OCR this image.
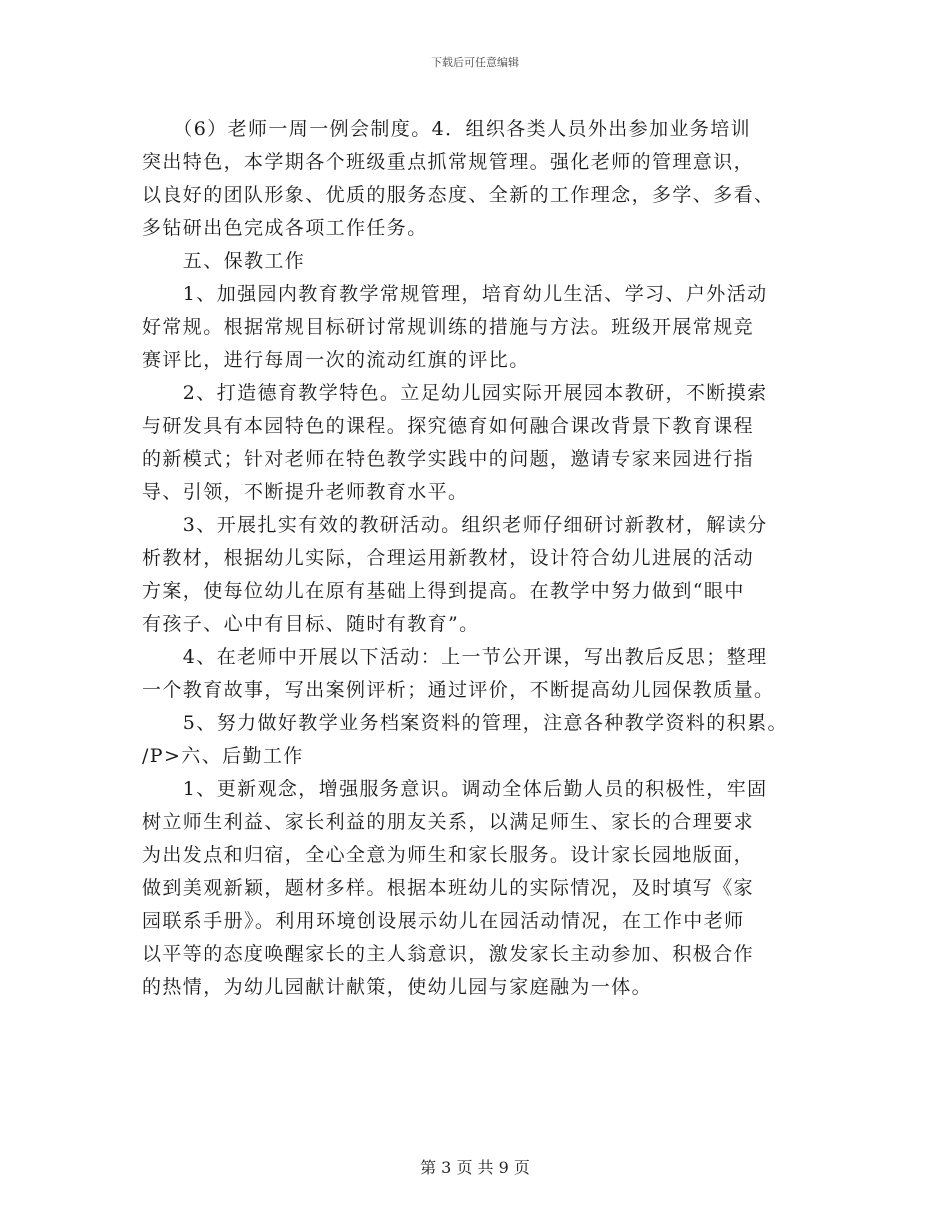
下载后可任意编辑
　　（6）老师一周一例会制度。4．组织各类人员外出参加业务培训
突出特色，本学期各个班级重点抓常规管理。强化老师的管理意识，
以良好的团队形象、优质的服务态度、全新的工作理念，多学、多看、
多钻研出色完成各项工作任务。
　　五、保教工作
　　1、加强园内教育教学常规管理，培育幼儿生活、学习、户外活动
好常规。根据常规目标研讨常规训练的措施与方法。班级开展常规竞
赛评比，进行每周一次的流动红旗的评比。
　　2、打造德育教学特色。立足幼儿园实际开展园本教研，不断摸索
与研发具有本园特色的课程。探究德育如何融合课改背景下教育课程
的新模式；针对老师在特色教学实践中的问题，邀请专家来园进行指
导、引领，不断提升老师教育水平。
　　3、开展扎实有效的教研活动。组织老师仔细研讨新教材，解读分
析教材，根据幼儿实际，合理运用新教材，设计符合幼儿进展的活动
方案，使每位幼儿在原有基础上得到提高。在教学中努力做到“眼中
有孩子、心中有目标、随时有教育”。
　　4、在老师中开展以下活动：上一节公开课，写出教后反思；整理
一个教育故事，写出案例评析；通过评价，不断提高幼儿园保教质量。
　　5、努力做好教学业务档案资料的管理，注意各种教学资料的积累。
/P>六、后勤工作
　　1、更新观念，增强服务意识。调动全体后勤人员的积极性，牢固
树立师生利益、家长利益的朋友关系，以满足师生、家长的合理要求
为出发点和归宿，全心全意为师生和家长服务。设计家长园地版面，
做到美观新颖，题材多样。根据本班幼儿的实际情况，及时填写《家
园联系手册》。利用环境创设展示幼儿在园活动情况，在工作中老师
以平等的态度唤醒家长的主人翁意识，激发家长主动参加、积极合作
的热情，为幼儿园献计献策，使幼儿园与家庭融为一体。
第 3 页 共 9 页
